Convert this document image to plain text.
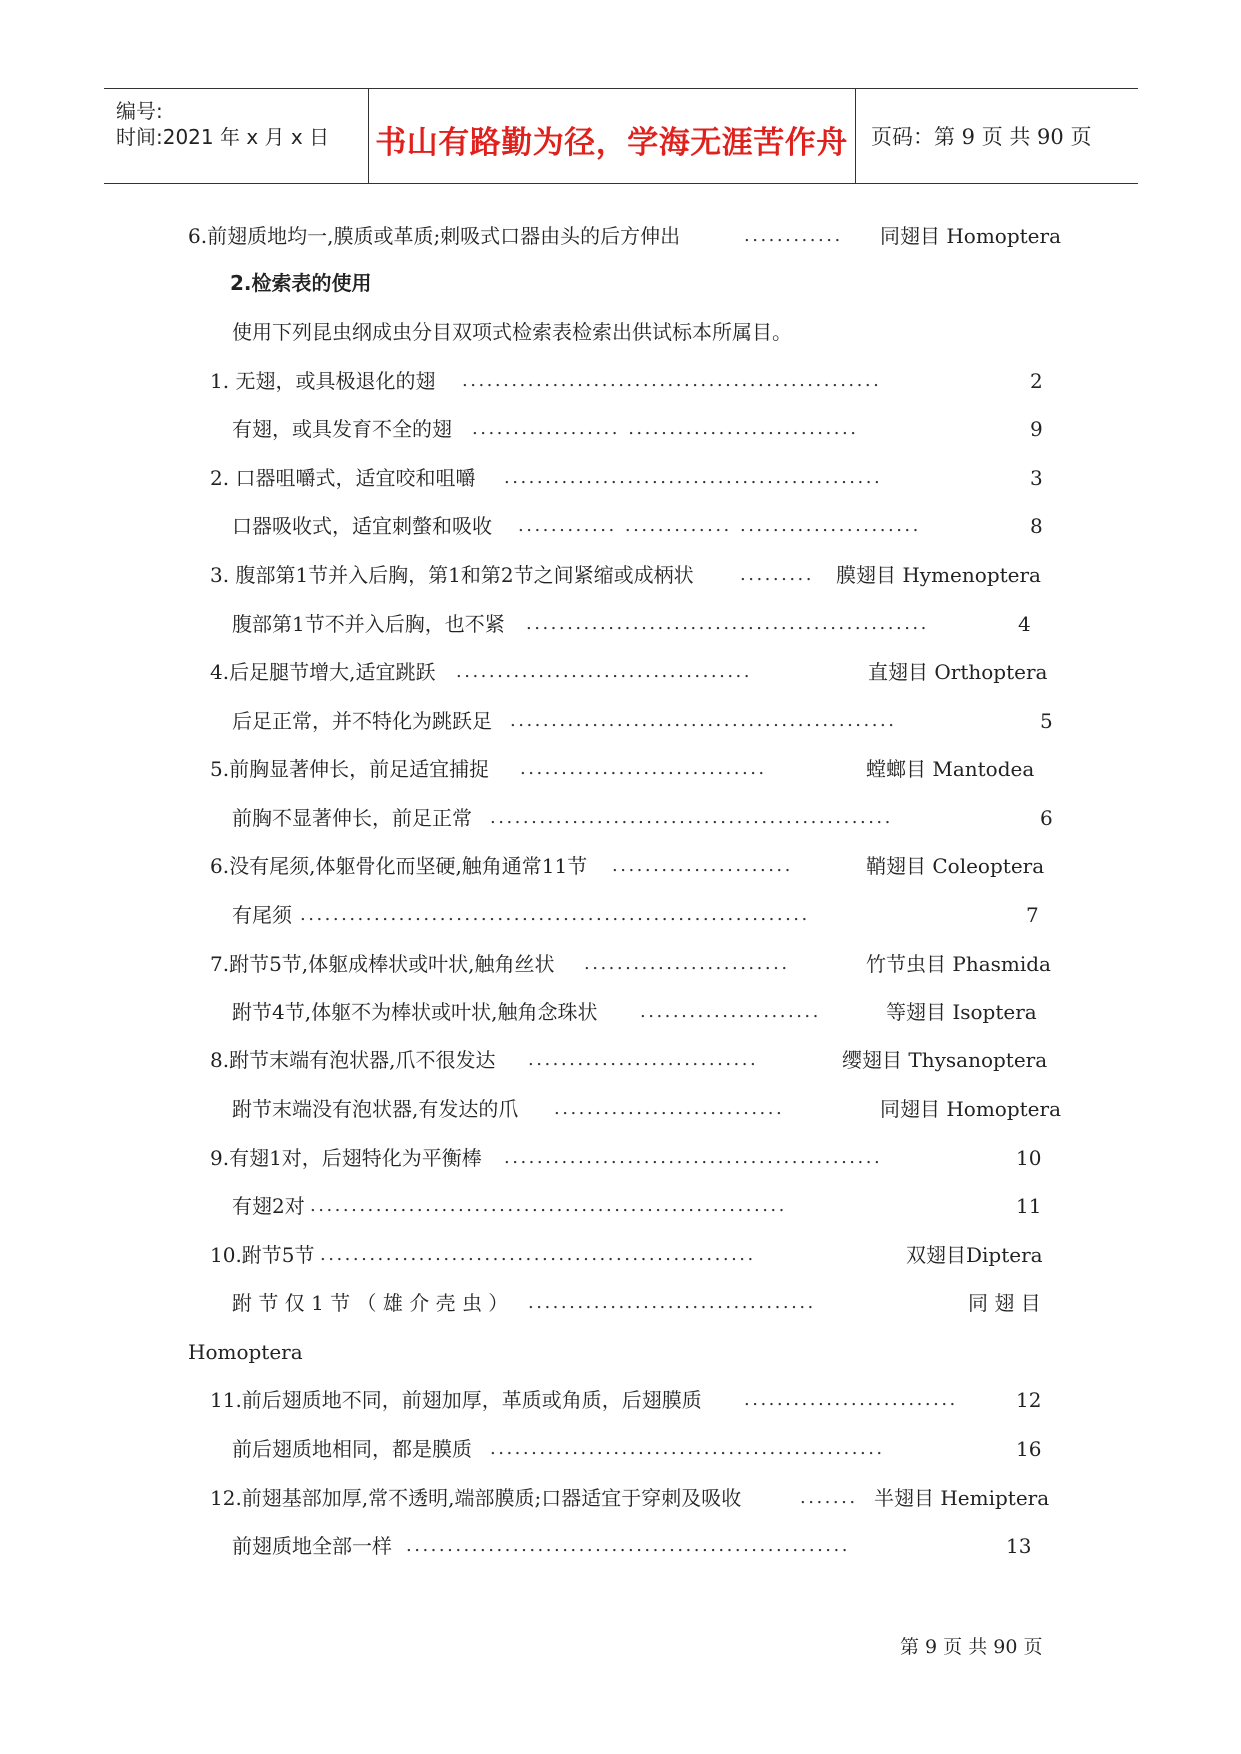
编号:
时间:2021 年 x 月 x 日 书山有路勤为径，学海无涯苦作舟	页码：第 9 页 共 90 页
6.前翅质地均一,膜质或革质;刺吸式口器由头的后方伸出	............ 同翅目 Homoptera
2.检索表的使用
使用下列昆虫纲成虫分目双项式检索表检索出供试标本所属目。
1. 无翅，或具极退化的翅 ...................................................	2
有翅，或具发育不全的翅 .................. ............................	9
2. 口器咀嚼式，适宜咬和咀嚼 ..............................................	3
口器吸收式，适宜刺螫和吸收 ............ ............. ......................	8
3. 腹部第1节并入后胸，第1和第2节之间紧缩或成柄状	......... 膜翅目 Hymenoptera
腹部第1节不并入后胸，也不紧 .................................................	4
4.后足腿节增大,适宜跳跃 ....................................	直翅目 Orthoptera
后足正常，并不特化为跳跃足 ...............................................	5
5.前胸显著伸长，前足适宜捕捉 ..............................	螳螂目 Mantodea
前胸不显著伸长，前足正常 .................................................	6
6.没有尾须,体躯骨化而坚硬,触角通常11节 ......................	鞘翅目 Coleoptera
有尾须 ..............................................................	7
7.跗节5节,体躯成棒状或叶状,触角丝状 .........................	竹节虫目 Phasmida
跗节4节,体躯不为棒状或叶状,触角念珠状 ......................	等翅目 Isoptera
8.跗节末端有泡状器,爪不很发达 ............................	缨翅目 Thysanoptera
跗节末端没有泡状器,有发达的爪 ............................	同翅目 Homoptera
9.有翅1对，后翅特化为平衡棒 ..............................................	10
有翅2对 ..........................................................	11
10.跗节5节 .....................................................	双翅目Diptera
跗 节 仅 1 节 （ 雄 介 壳 虫 ） ...................................	同 翅 目
Homoptera
11.前后翅质地不同，前翅加厚，革质或角质，后翅膜质 ..........................	12
前后翅质地相同，都是膜质 ................................................	16
12.前翅基部加厚,常不透明,端部膜质;口器适宜于穿刺及吸收	....... 半翅目 Hemiptera
前翅质地全部一样 ......................................................	13
第 9 页 共 90 页
